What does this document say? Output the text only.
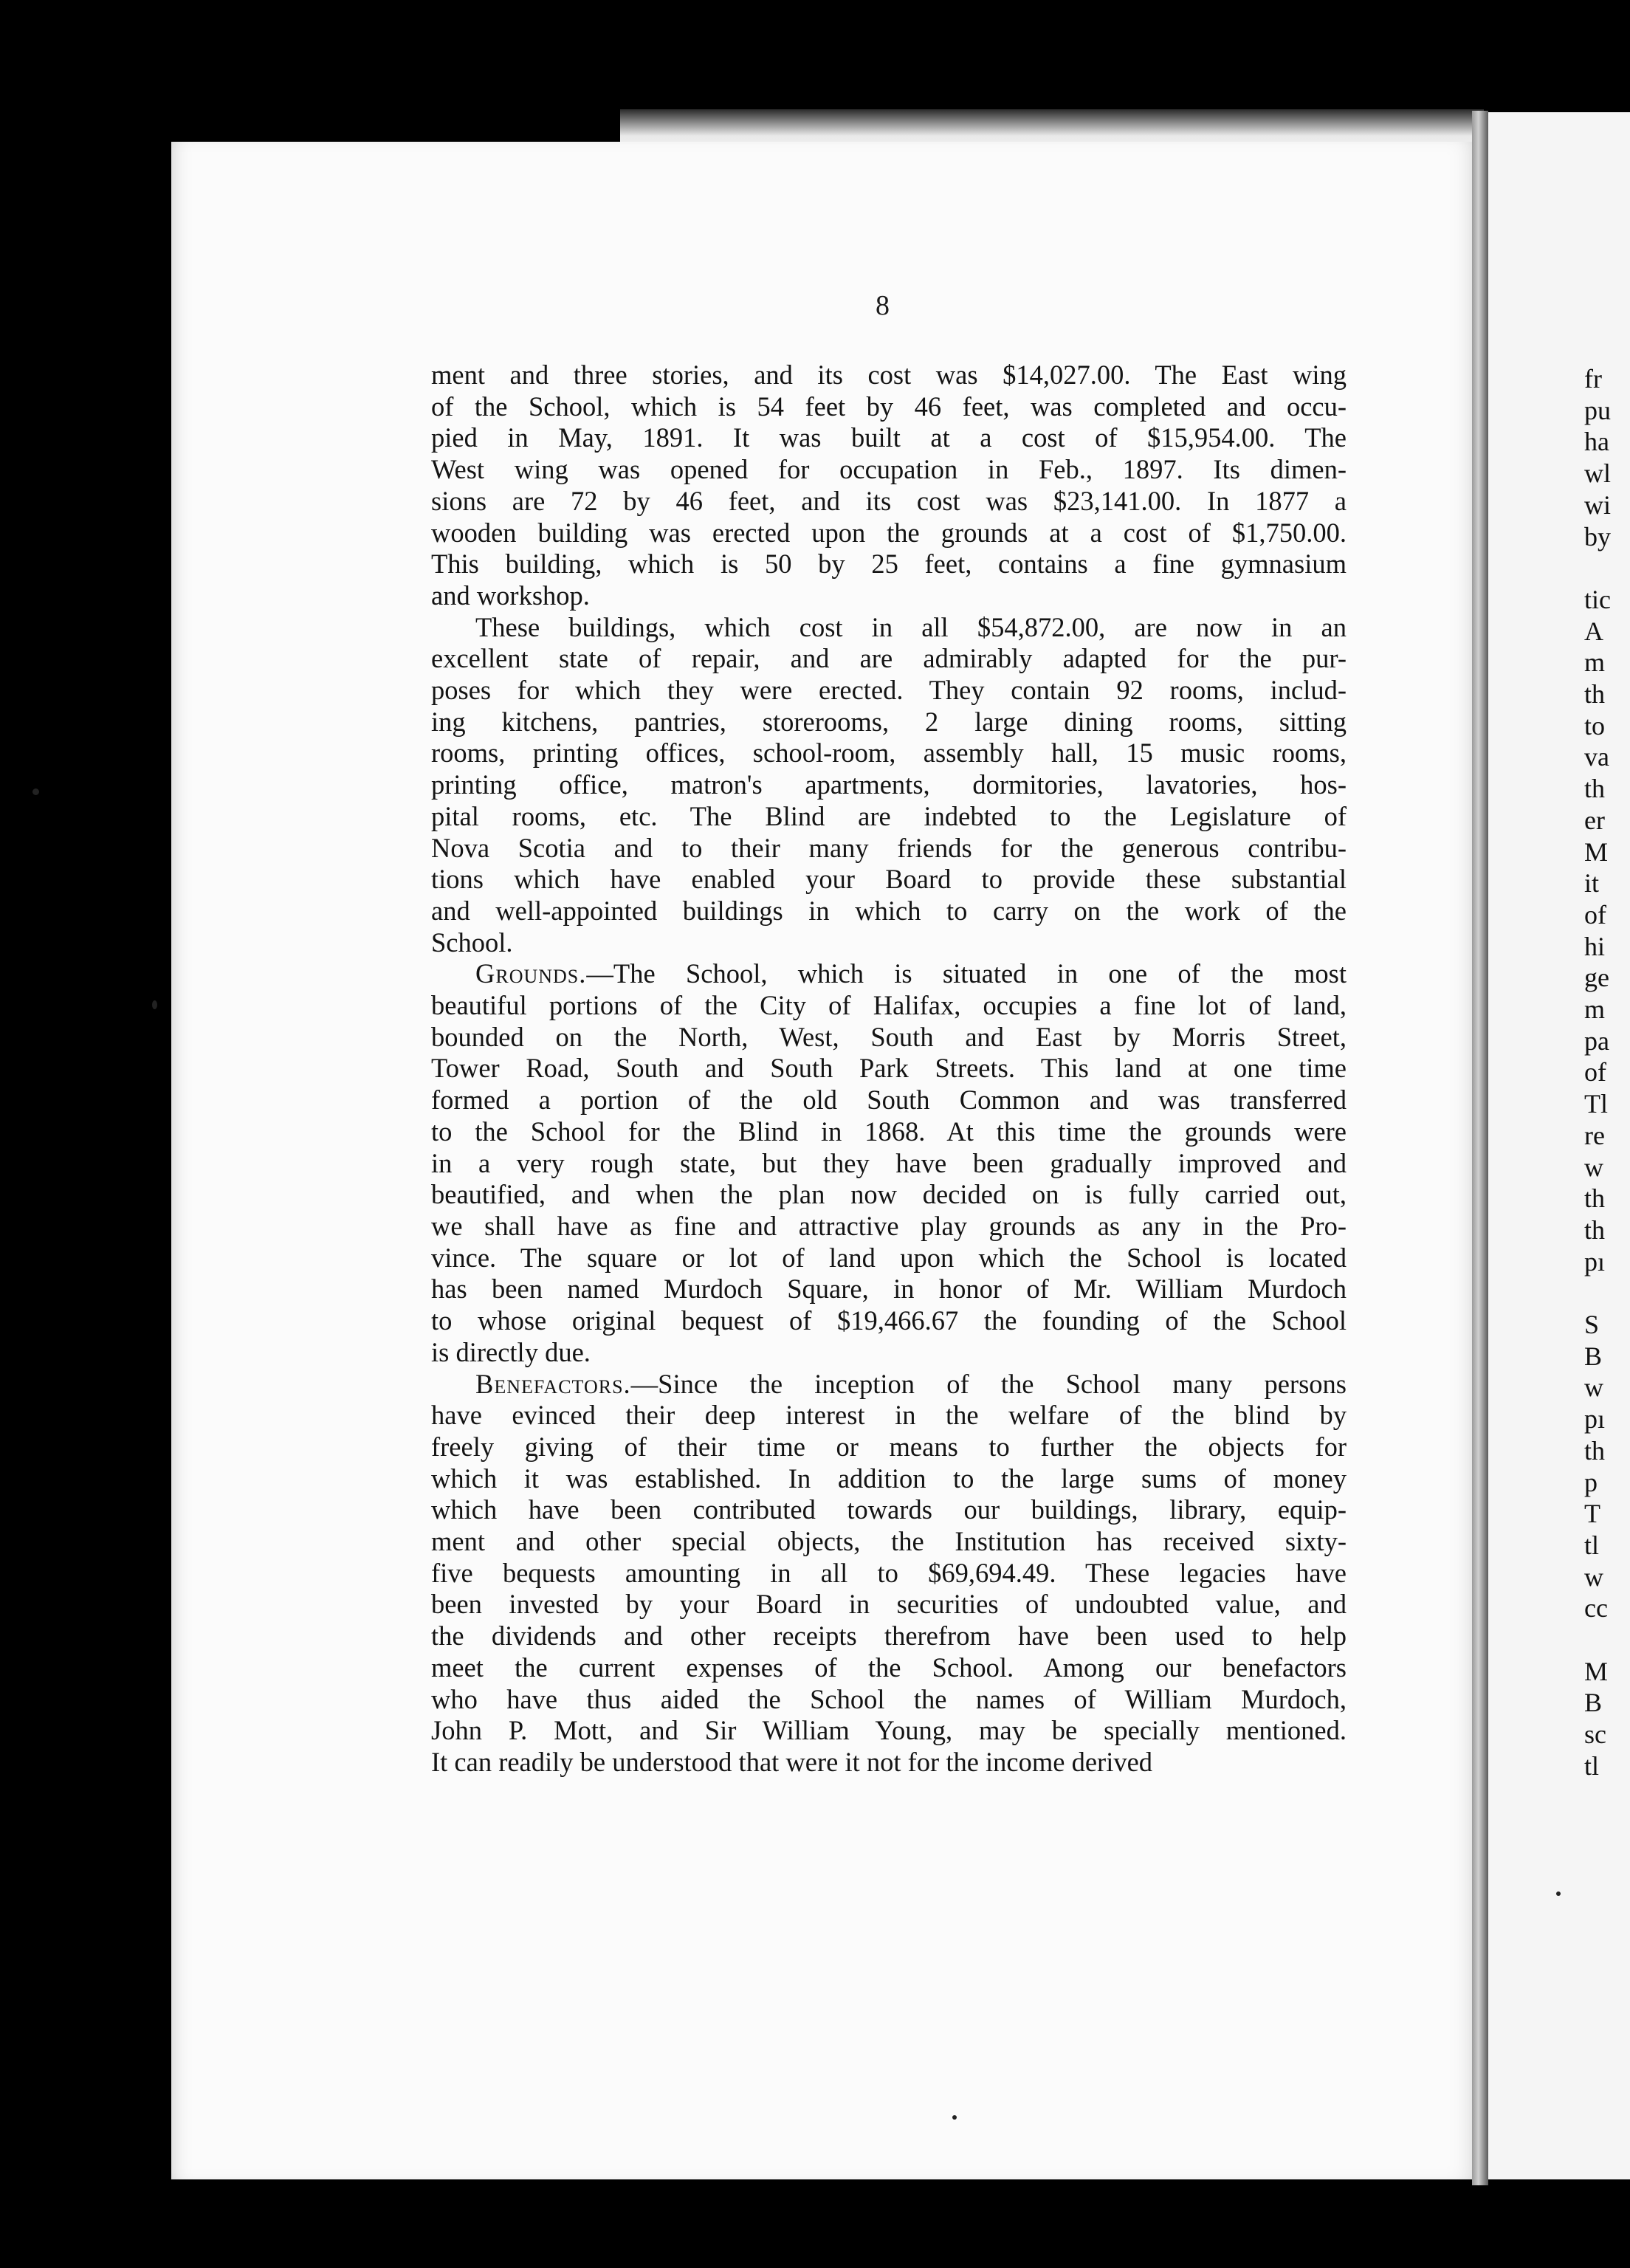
fr
pu
ha
wl
wi
by
tic
A
m
th
to
va
th
er
M
it
of
hi
ge
m
pa
of
Tl
re
w
th
th
pı
S
B
w
pı
th
p
T
tl
w
cc
M
B
sc
tl
8
ment and three stories, and its cost was $14,027.00. The East wing
of the School, which is 54 feet by 46 feet, was completed and occu-
pied in May, 1891. It was built at a cost of $15,954.00. The
West wing was opened for occupation in Feb., 1897. Its dimen-
sions are 72 by 46 feet, and its cost was $23,141.00. In 1877 a
wooden building was erected upon the grounds at a cost of $1,750.00.
This building, which is 50 by 25 feet, contains a fine gymnasium
and workshop.
These buildings, which cost in all $54,872.00, are now in an
excellent state of repair, and are admirably adapted for the pur-
poses for which they were erected. They contain 92 rooms, includ-
ing kitchens, pantries, storerooms, 2 large dining rooms, sitting
rooms, printing offices, school-room, assembly hall, 15 music rooms,
printing office, matron's apartments, dormitories, lavatories, hos-
pital rooms, etc. The Blind are indebted to the Legislature of
Nova Scotia and to their many friends for the generous contribu-
tions which have enabled your Board to provide these substantial
and well-appointed buildings in which to carry on the work of the
School.
Grounds.—The School, which is situated in one of the most
beautiful portions of the City of Halifax, occupies a fine lot of land,
bounded on the North, West, South and East by Morris Street,
Tower Road, South and South Park Streets. This land at one time
formed a portion of the old South Common and was transferred
to the School for the Blind in 1868. At this time the grounds were
in a very rough state, but they have been gradually improved and
beautified, and when the plan now decided on is fully carried out,
we shall have as fine and attractive play grounds as any in the Pro-
vince. The square or lot of land upon which the School is located
has been named Murdoch Square, in honor of Mr. William Murdoch
to whose original bequest of $19,466.67 the founding of the School
is directly due.
Benefactors.—Since the inception of the School many persons
have evinced their deep interest in the welfare of the blind by
freely giving of their time or means to further the objects for
which it was established. In addition to the large sums of money
which have been contributed towards our buildings, library, equip-
ment and other special objects, the Institution has received sixty-
five bequests amounting in all to $69,694.49. These legacies have
been invested by your Board in securities of undoubted value, and
the dividends and other receipts therefrom have been used to help
meet the current expenses of the School. Among our benefactors
who have thus aided the School the names of William Murdoch,
John P. Mott, and Sir William Young, may be specially mentioned.
It can readily be understood that were it not for the income derived
